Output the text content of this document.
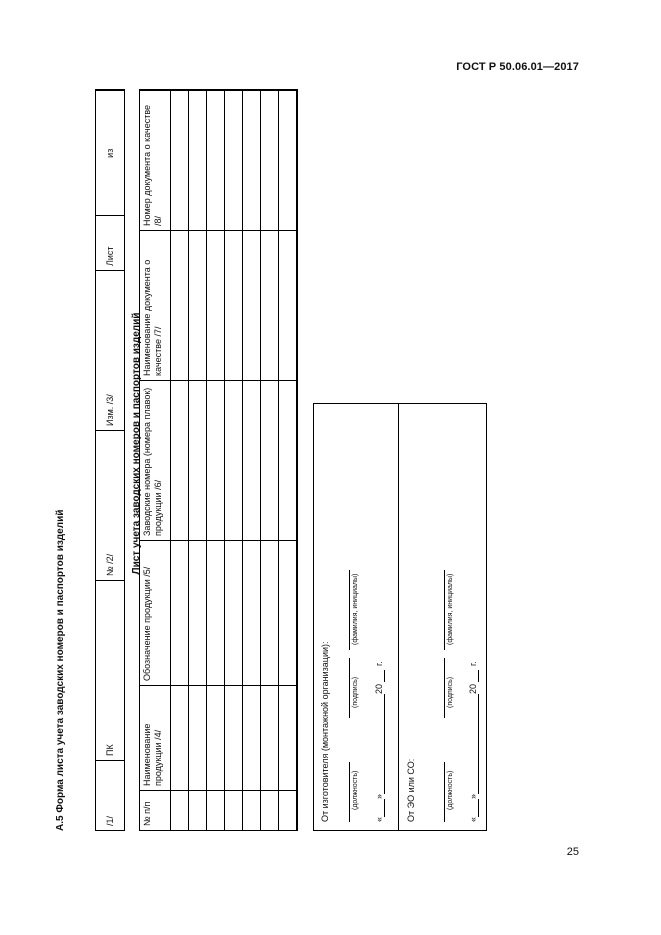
ГОСТ Р 50.06.01—2017
А.5 Форма листа учета заводских номеров и паспортов изделий	/1/	ПК	№ /2/	Изм. /3/	Лист	из
Лист учета заводских номеров и паспортов изделий
№ п/п	Наименование продукции /4/	Обозначение продукции /5/	Заводские номера (номера плавок) продукции /6/	Наименование документа о качестве /7/	Номер документа о качестве /8/

От изготовителя (монтажной организации):	(должность)
(подпись)
(фамилия, инициалы)
«
»
20
г.
От ЭО или СО:	(должность)
(подпись)
(фамилия, инициалы)
«
»
20
г.
25
